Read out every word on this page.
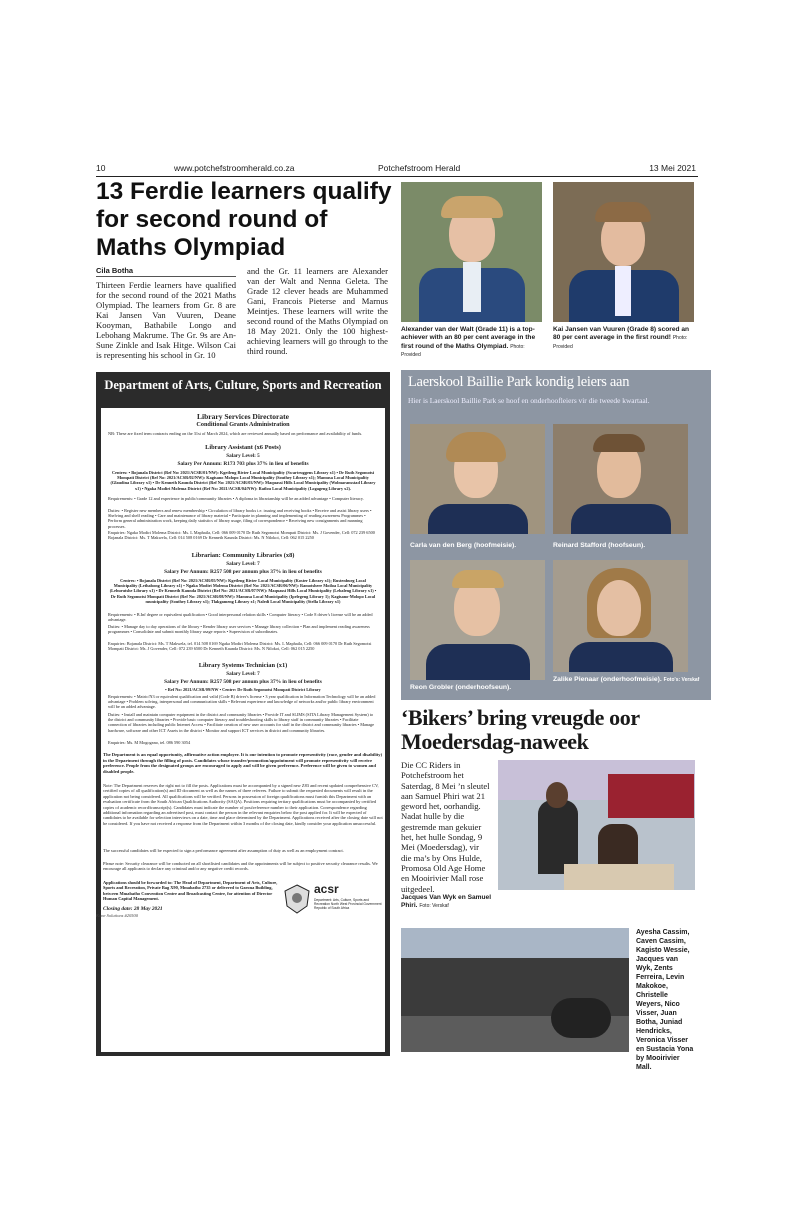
10	www.potchefstroomherald.co.za	Potchefstroom Herald	13 Mei 2021
13 Ferdie learners qualify for second round of Maths Olympiad
Cila Botha
Thirteen Ferdie learners have qualified for the second round of the 2021 Maths Olympiad. The learners from Gr. 8 are Kai Jansen Van Vuuren, Deane Kooyman, Bathabile Longo and Lebohang Makrume. The Gr. 9s are An-Sune Zinkle and Isak Hitge. Wilson Cai is representing his school in Gr. 10
and the Gr. 11 learners are Alexander van der Walt and Nenna Geleta. The Grade 12 clever heads are Muhammed Gani, Francois Pieterse and Marnus Meintjes. These learners will write the second round of the Maths Olympiad on 18 May 2021. Only the 100 highest-achieving learners will go through to the third round.
Alexander van der Walt (Grade 11) is a top-achiever with an 80 per cent average in the first round of the Maths Olympiad. Photo: Provided
Kai Jansen van Vuuren (Grade 8) scored an 80 per cent average in the first round! Photo: Provided
Department of Arts, Culture, Sports and Recreation
Library Services Directorate
Conditional Grants Administration
NB: These are fixed term contracts ending on the 31st of March 2024, which are reviewed annually based on performance and availability of funds.
Library Assistant (x6 Posts)
Salary Level: 5
Salary Per Annum: R173 703 plus 37% in lieu of benefits
Centres: • Bojanala District (Ref No: 2021/ACSR/01/NW): Kgetleng Rivier Local Municipality (Swartruggens Library x1) • Dr Ruth Segomotsi Mompati District (Ref No: 2021/ACSR/02/NW): Kagisano Molopo Local Municipality (Southey Library x1); Mamusa Local Municipality (Glaudina Library x1) • Dr Kenneth Kaunda District (Ref No: 2021/ACSR/03/NW): Maquassi Hills Local Municipality (Wolmaransstad Library x1) • Ngaka Modiri Molema District (Ref No: 2021/ACSR/04/NW): Ratlou Local Municipality (Logageng Library x2).
Requirements: • Grade 12 and experience in public/community libraries • A diploma in librarianship will be an added advantage • Computer literacy.
Duties: • Register new members and renew membership • Circulation of library books i.e. issuing and receiving books • Receive and assist library users • Shelving and shelf reading • Care and maintenance of library material • Participate in planning and implementing of reading awareness Programmes • Perform general administration work, keeping daily statistics of library usage, filing of correspondence • Receiving new consignments and manning processes.
Enquiries: Ngaka Modiri Molema District: Ms. L Maphaila, Cell: 066 009 0170 Dr Ruth Segomotsi Mompati District: Ms. J Govender, Cell: 072 239 6500 Bojanala District: Ms. T Makwela, Cell: 014 508 0169 Dr Kenneth Kaunda District: Ms. N Ntlokoi, Cell: 062 015 2250
Librarian: Community Libraries (x8)
Salary Level: 7
Salary Per Annum: R257 508 per annum plus 37% in lieu of benefits
Centres: • Bojanala District (Ref No: 2021/ACSR/05/NW): Kgetleng Rivier Local Municipality (Koster Library x1); Rustenburg Local Municipality (Lethabong Library x1) • Ngaka Modiri Molema District (Ref No: 2021/ACSR/06/NW): Ramotshere Moiloa Local Municipality (Lehurutshe Library x1) • Dr Kenneth Kaunda District (Ref No: 2021/ACSR/07/NW): Maquassi Hills Local Municipality (Lebaleng Library x1) • Dr Ruth Segomotsi Mompati District (Ref No: 2021/ACSR/08/NW): Mamusa Local Municipality (Ipelegeng Library 1); Kagisano-Molopo Local municipality (Southey Library x1); Tlakgameng Library x1; Naledi Local Municipality (Stella Library x1)
Requirements: • B.Inf degree or equivalent qualification • Good interpersonal relation skills • Computer literacy • Code 8 driver's license will be an added advantage.
Duties: • Manage day to day operations of the library • Render library user services • Manage library collection • Plan and implement reading awareness programmes • Consolidate and submit monthly library usage reports • Supervision of subordinates.
Enquiries: Bojanala District: Ms. T Makwela, tel. 014 508 0169 Ngaka Modiri Molema District: Ms. L Maphaila, Cell: 066 009 0170 Dr Ruth Segomotsi Mompati District: Ms. J Govender, Cell: 072 239 6500 Dr Kenneth Kaunda District: Ms. N Ntlokoi, Cell: 062 015 2250
Library Systems Technician (x1)
Salary Level: 7
Salary Per Annum: R257 508 per annum plus 37% in lieu of benefits
• Ref No: 2021/ACSR/09/NW • Centre: Dr Ruth Segomotsi Mompati District Library
Requirements: • Matric/N3 or equivalent qualification and valid (Code B) driver's license • 3 year qualification in Information Technology will be an added advantage • Problem solving, interpersonal and communication skills • Relevant experience and knowledge of networks and/or public library environment will be an added advantage.
Duties: • Install and maintain computer equipment in the district and community libraries • Provide IT and SLIMS (SITA Library Management System) to the district and community libraries • Provide basic computer literacy and troubleshooting skills to library staff in community libraries • Facilitate connection of libraries including public Internet Access • Facilitate creation of new user accounts for staff in the district and community libraries • Manage hardware, software and other ICT Assets in the district • Monitor and support ICT services in district and community libraries.
Enquiries: Ms. M Mogogano, tel. 086 590 3054
The Department is an equal opportunity, affirmative action employer. It is our intention to promote representivity (race, gender and disability) in the Department through the filling of posts. Candidates whose transfer/promotion/appointment will promote representivity will receive preference. People from the designated groups are encouraged to apply and will be given preference. Preference will be given to women and disabled people.
Note: The Department reserves the right not to fill the posts. Applications must be accompanied by a signed new Z83 and recent updated comprehensive CV, certified copies of all qualification(s) and ID document as well as the names of three referees. Failure to submit the requested documents will result in the application not being considered. All qualifications will be verified. Persons in possession of foreign qualifications must furnish this Department with an evaluation certificate from the South African Qualifications Authority (SAQA). Positions requiring tertiary qualifications must be accompanied by certified copies of academic record/transcript(s). Candidates must indicate the number of post/reference number to their application. Correspondence regarding additional information regarding an advertised post, must contact the person in the relevant enquiries below the post applied for. It will be expected of candidates to be available for selection interviews on a date, time and place determined by the Department. Applications received after the closing date will not be considered. If you have not received a response from the Department within 3 months of the closing date, kindly consider your application unsuccessful.
The successful candidates will be expected to sign a performance agreement after assumption of duty as well as an employment contract.
Please note: Security clearance will be conducted on all shortlisted candidates and the appointments will be subject to positive security clearance results. We encourage all applicants to declare any criminal and/or any negative credit records.
Applications should be forwarded to: The Head of Department, Department of Arts, Culture, Sports and Recreation, Private Bag X90, Mmabatho 2735 or delivered to Garona Building, between Mmabatho Convention Centre and Broadcasting Centre, for attention of Director Human Capital Management.
Closing date: 28 May 2021
acsr
Department: Arts, Culture, Sports and Recreation North West Provincial Government Republic of South Africa
Kone Solutions #20500
Laerskool Baillie Park kondig leiers aan
Hier is Laerskool Baillie Park se hoof en onderhoofleiers vir die tweede kwartaal.
Carla van den Berg (hoofmeisie).	Reinard Stafford (hoofseun).
Reon Grobler (onderhoofseun).
Zalike Pienaar (onderhoofmeisie). Foto's: Verskaf
‘Bikers’ bring vreugde oor Moedersdag-naweek
Die CC Riders in Potchefstroom het Saterdag, 8 Mei ’n sleutel aan Samuel Phiri wat 21 geword het, oorhandig. Nadat hulle by die gestremde man gekuier het, het hulle Sondag, 9 Mei (Moedersdag), vir die ma’s by Ons Hulde, Promosa Old Age Home en Mooirivier Mall rose uitgedeel.
Jacques Van Wyk en Samuel Phiri. Foto: Verskaf
Ayesha Cassim, Caven Cassim, Kagisto Wessie, Jacques van Wyk, Zents Ferreira, Levin Makokoe, Christelle Weyers, Nico Visser, Juan Botha, Juniad Hendricks, Veronica Visser en Sustacia Yona by Mooirivier Mall.
